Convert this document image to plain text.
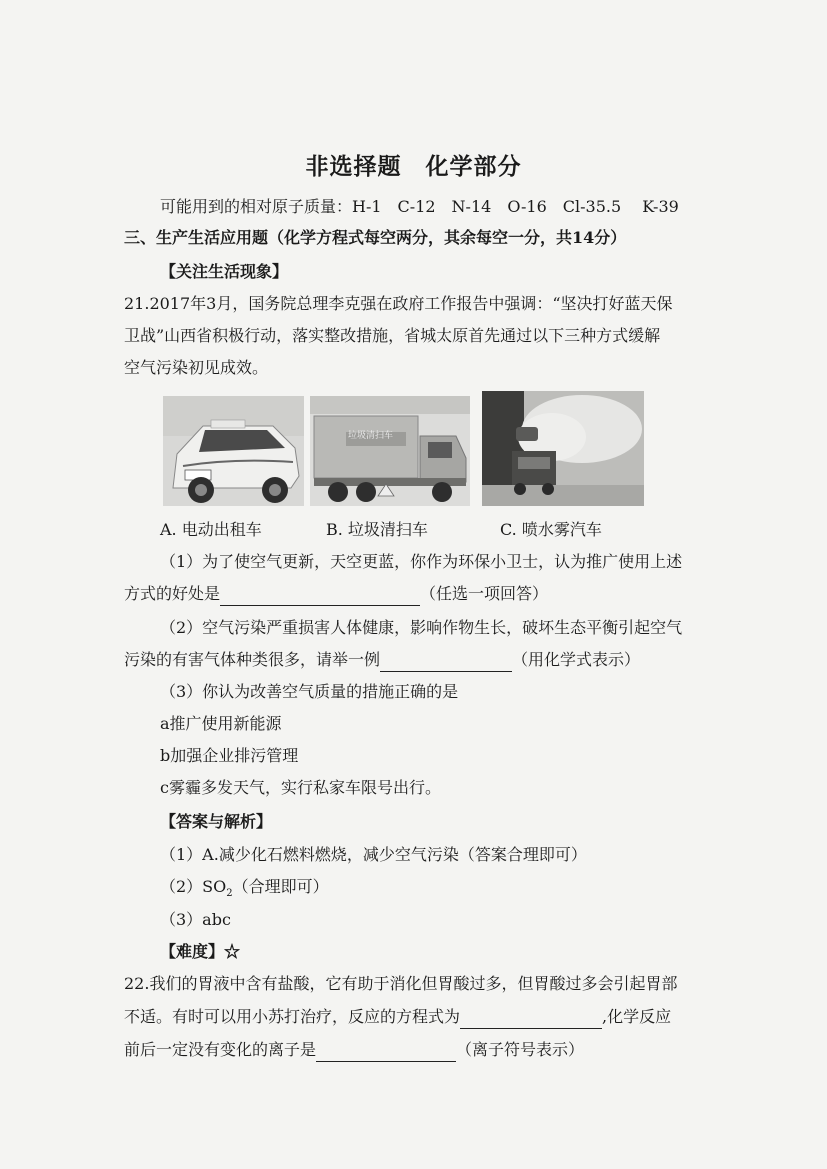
非选择题　化学部分
可能用到的相对原子质量：H-1　C-12　N-14　O-16　Cl-35.5　 K-39
三、生产生活应用题（化学方程式每空两分，其余每空一分，共14分）
【关注生活现象】
21.2017年3月，国务院总理李克强在政府工作报告中强调：“坚决打好蓝天保
卫战”山西省积极行动，落实整改措施，省城太原首先通过以下三种方式缓解
空气污染初见成效。
垃圾清扫车
A. 电动出租车	B. 垃圾清扫车	C. 喷水雾汽车
（1）为了使空气更新，天空更蓝，你作为环保小卫士，认为推广使用上述
方式的好处是	（任选一项回答）
（2）空气污染严重损害人体健康，影响作物生长，破坏生态平衡引起空气
污染的有害气体种类很多，请举一例	（用化学式表示）
（3）你认为改善空气质量的措施正确的是
a推广使用新能源
b加强企业排污管理
c雾霾多发天气，实行私家车限号出行。
【答案与解析】
（1）A.减少化石燃料燃烧，减少空气污染（答案合理即可）
$(2)SO_2$（合理即可）
（3）abc
【难度】☆
22.我们的胃液中含有盐酸，它有助于消化但胃酸过多，但胃酸过多会引起胃部
不适。有时可以用小苏打治疗，反应的方程式为	,化学反应
前后一定没有变化的离子是	（离子符号表示）
